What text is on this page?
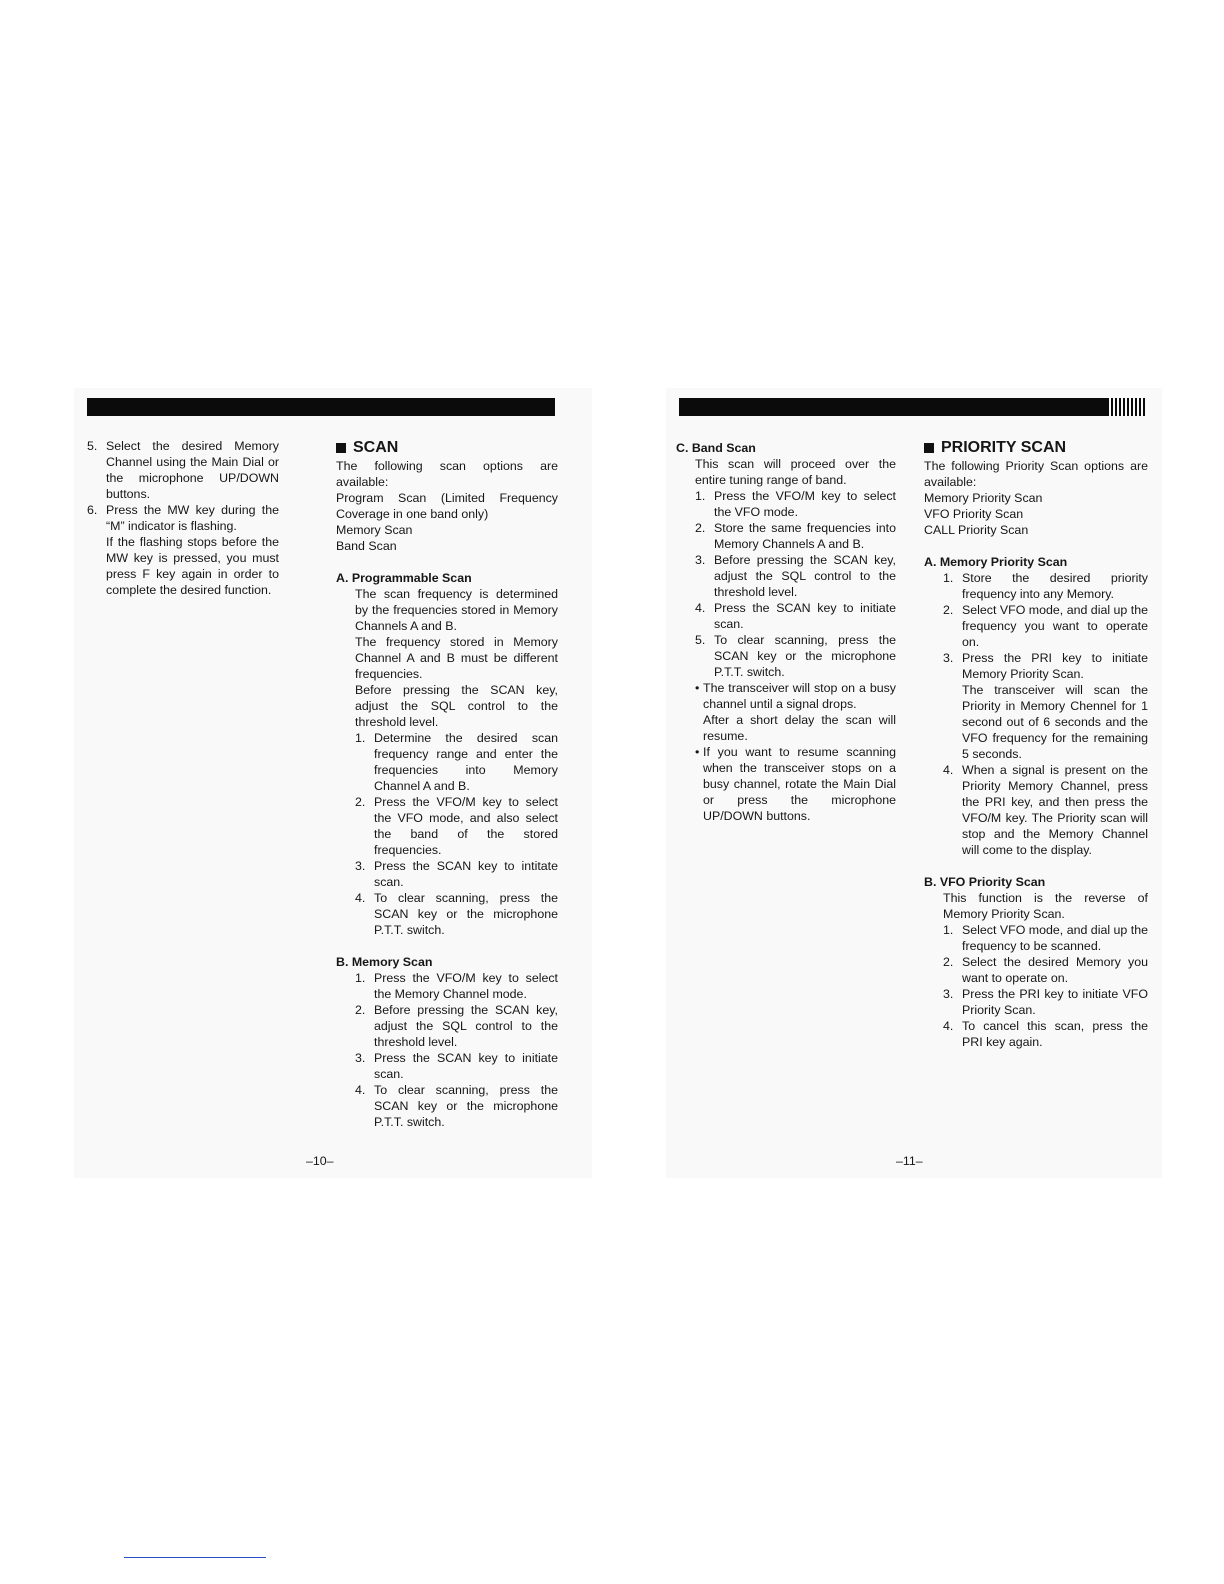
5. Select the desired Memory Channel using the Main Dial or the microphone UP/DOWN buttons.

6. Press the MW key during the “M” indicator is flashing.

If the flashing stops before the MW key is pressed, you must press F key again in order to complete the desired function.

SCAN

The following scan options are available:

Program Scan (Limited Frequency Coverage in one band only)

Memory Scan

Band Scan

A. Programmable Scan

The scan frequency is determined by the frequencies stored in Memory Channels A and B.

The frequency stored in Memory Channel A and B must be different frequencies.

Before pressing the SCAN key, adjust the SQL control to the threshold level.

1. Determine the desired scan frequency range and enter the frequencies into Memory Channel A and B.

2. Press the VFO/M key to select the VFO mode, and also select the band of the stored frequencies.

3. Press the SCAN key to intitate scan.

4. To clear scanning, press the SCAN key or the microphone P.T.T. switch.

B. Memory Scan

1. Press the VFO/M key to select the Memory Channel mode.

2. Before pressing the SCAN key, adjust the SQL control to the threshold level.

3. Press the SCAN key to initiate scan.

4. To clear scanning, press the SCAN key or the microphone P.T.T. switch.

–10–

C. Band Scan

This scan will proceed over the entire tuning range of band.

1. Press the VFO/M key to select the VFO mode.

2. Store the same frequencies into Memory Channels A and B.

3. Before pressing the SCAN key, adjust the SQL control to the threshold level.

4. Press the SCAN key to initiate scan.

5. To clear scanning, press the SCAN key or the microphone P.T.T. switch.

• The transceiver will stop on a busy channel until a signal drops.

After a short delay the scan will resume.

• If you want to resume scanning when the transceiver stops on a busy channel, rotate the Main Dial or press the microphone UP/DOWN buttons.

PRIORITY SCAN

The following Priority Scan options are available:

Memory Priority Scan

VFO Priority Scan

CALL Priority Scan

A. Memory Priority Scan

1. Store the desired priority frequency into any Memory.

2. Select VFO mode, and dial up the frequency you want to operate on.

3. Press the PRI key to initiate Memory Priority Scan.

The transceiver will scan the Priority in Memory Chennel for 1 second out of 6 seconds and the VFO frequency for the remaining 5 seconds.

4. When a signal is present on the Priority Memory Channel, press the PRI key, and then press the VFO/M key. The Priority scan will stop and the Memory Channel will come to the display.

B. VFO Priority Scan

This function is the reverse of Memory Priority Scan.

1. Select VFO mode, and dial up the frequency to be scanned.

2. Select the desired Memory you want to operate on.

3. Press the PRI key to initiate VFO Priority Scan.

4. To cancel this scan, press the PRI key again.

–11–
